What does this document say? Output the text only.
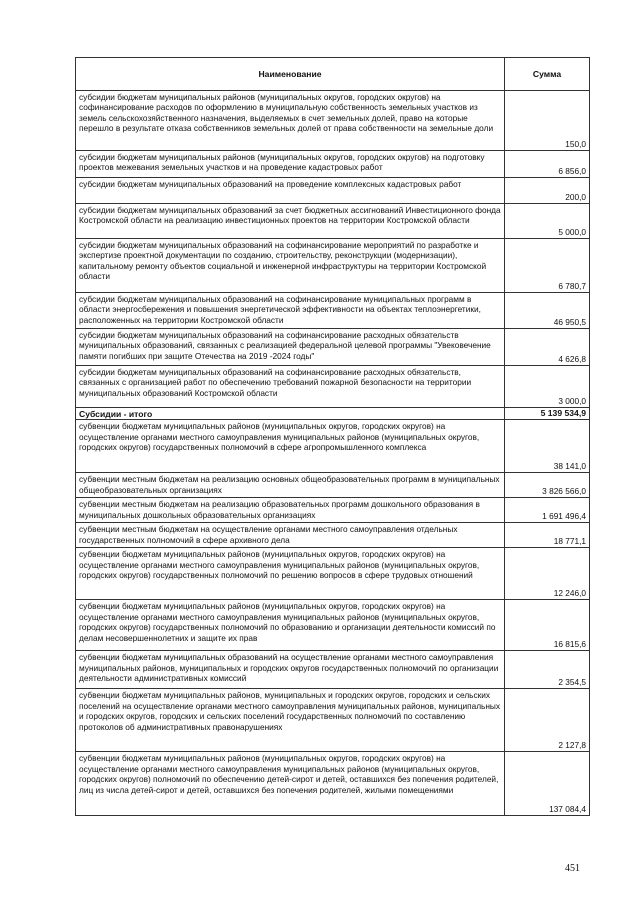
Наименование	Сумма
субсидии бюджетам муниципальных районов (муниципальных округов, городских округов) на софинансирование расходов по оформлению в муниципальную собственность земельных участков из земель сельскохозяйственного назначения, выделяемых в счет земельных долей, право на которые перешло в результате отказа собственников земельных долей от права собственности на земельные доли	150,0
субсидии бюджетам муниципальных районов (муниципальных округов, городских округов) на подготовку проектов межевания земельных участков и на проведение кадастровых работ	6 856,0
субсидии бюджетам муниципальных образований на проведение комплексных кадастровых работ	200,0
субсидии бюджетам муниципальных образований за счет бюджетных ассигнований Инвестиционного фонда Костромской области на реализацию инвестиционных проектов на территории Костромской области	5 000,0
субсидии бюджетам муниципальных образований на софинансирование мероприятий по разработке и экспертизе проектной документации по созданию, строительству, реконструкции (модернизации), капитальному ремонту объектов социальной и инженерной инфраструктуры на территории Костромской области	6 780,7
субсидии бюджетам муниципальных образований на софинансирование муниципальных программ в области энергосбережения и повышения энергетической эффективности на объектах теплоэнергетики, расположенных на территории Костромской области	46 950,5
субсидии бюджетам муниципальных образований на софинансирование расходных обязательств муниципальных образований, связанных с реализацией федеральной целевой программы "Увековечение памяти погибших при защите Отечества на 2019 -2024 годы"	4 626,8
субсидии бюджетам муниципальных образований на софинансирование расходных обязательств, связанных с организацией работ по обеспечению требований пожарной безопасности на территории муниципальных образований Костромской области	3 000,0
Субсидии - итого	5 139 534,9
субвенции бюджетам муниципальных районов (муниципальных округов, городских округов) на осуществление органами местного самоуправления муниципальных районов (муниципальных округов, городских округов) государственных полномочий в сфере агропромышленного комплекса	38 141,0
субвенции местным бюджетам на реализацию основных общеобразовательных программ в муниципальных общеобразовательных организациях	3 826 566,0
субвенции местным бюджетам на реализацию образовательных программ дошкольного образования в муниципальных дошкольных образовательных организациях	1 691 496,4
субвенции местным бюджетам на осуществление органами местного самоуправления отдельных государственных полномочий в сфере архивного дела	18 771,1
субвенции бюджетам муниципальных районов (муниципальных округов, городских округов) на осуществление органами местного самоуправления муниципальных районов (муниципальных округов, городских округов) государственных полномочий по решению вопросов в сфере трудовых отношений	12 246,0
субвенции бюджетам муниципальных районов (муниципальных округов, городских округов) на осуществление органами местного самоуправления муниципальных районов (муниципальных округов, городских округов) государственных полномочий по образованию и организации деятельности комиссий по делам несовершеннолетних и защите их прав	16 815,6
субвенции бюджетам муниципальных образований на осуществление органами местного самоуправления муниципальных районов, муниципальных и городских округов государственных полномочий по организации деятельности административных комиссий	2 354,5
субвенции бюджетам муниципальных районов, муниципальных и городских округов, городских и сельских поселений на осуществление органами местного самоуправления муниципальных районов, муниципальных и городских округов, городских и сельских поселений государственных полномочий по составлению протоколов об административных правонарушениях	2 127,8
субвенции бюджетам муниципальных районов (муниципальных округов, городских округов) на осуществление органами местного самоуправления муниципальных районов (муниципальных округов, городских округов) полномочий по обеспечению детей-сирот и детей, оставшихся без попечения родителей, лиц из числа детей-сирот и детей, оставшихся без попечения родителей, жилыми помещениями	137 084,4
451
